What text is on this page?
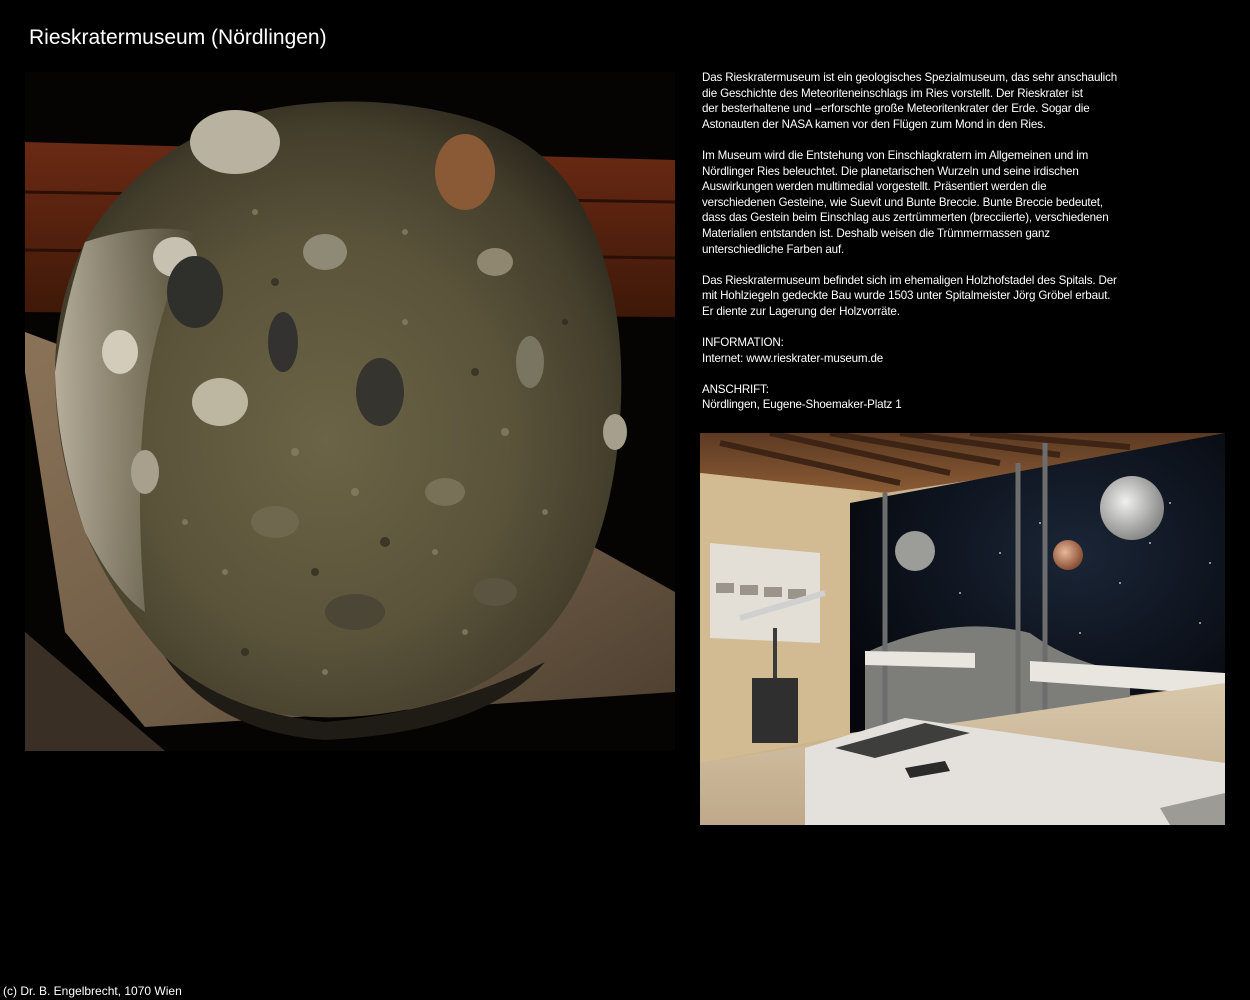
Rieskratermuseum (Nördlingen)

Das Rieskratermuseum ist ein geologisches Spezialmuseum, das sehr anschaulich
die Geschichte des Meteoriteneinschlags im Ries vorstellt. Der Rieskrater ist
der besterhaltene und –erforschte große Meteoritenkrater der Erde. Sogar die
Astonauten der NASA kamen vor den Flügen zum Mond in den Ries.

Im Museum wird die Entstehung von Einschlagkratern im Allgemeinen und im
Nördlinger Ries beleuchtet. Die planetarischen Wurzeln und seine irdischen
Auswirkungen werden multimedial vorgestellt. Präsentiert werden die
verschiedenen Gesteine, wie Suevit und Bunte Breccie. Bunte Breccie bedeutet,
dass das Gestein beim Einschlag aus zertrümmerten (brecciierte), verschiedenen
Materialien entstanden ist. Deshalb weisen die Trümmermassen ganz
unterschiedliche Farben auf.

Das Rieskratermuseum befindet sich im ehemaligen Holzhofstadel des Spitals. Der
mit Hohlziegeln gedeckte Bau wurde 1503 unter Spitalmeister Jörg Gröbel erbaut.
Er diente zur Lagerung der Holzvorräte.

INFORMATION:
Internet: www.rieskrater-museum.de

ANSCHRIFT:
Nördlingen, Eugene-Shoemaker-Platz 1

(c) Dr. B. Engelbrecht, 1070 Wien
